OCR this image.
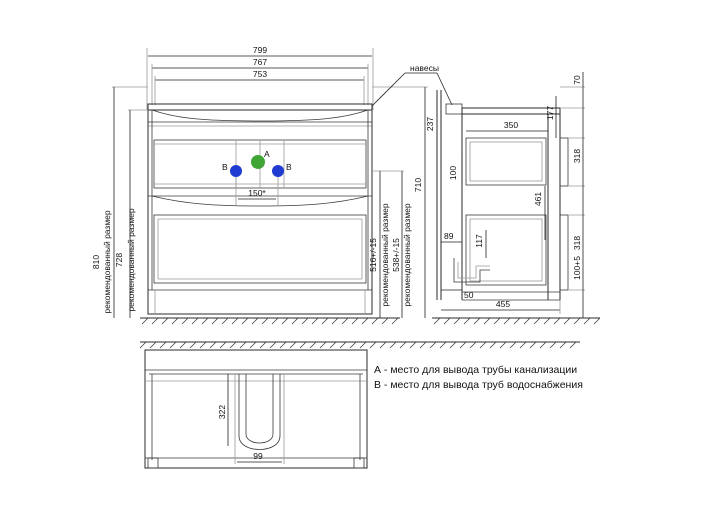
799
767
753
А
В	В
150*
810 рекомендованный размер 728 рекомендованный размер	516+/-15 рекомендованный размер 538+/-15 рекомендованный размер
710
навесы
237
100
89 117
50
350
461
455
70
177
318
318
100+5
322
99
А - место для вывода трубы канализации
В - место для вывода труб водоснабжения
